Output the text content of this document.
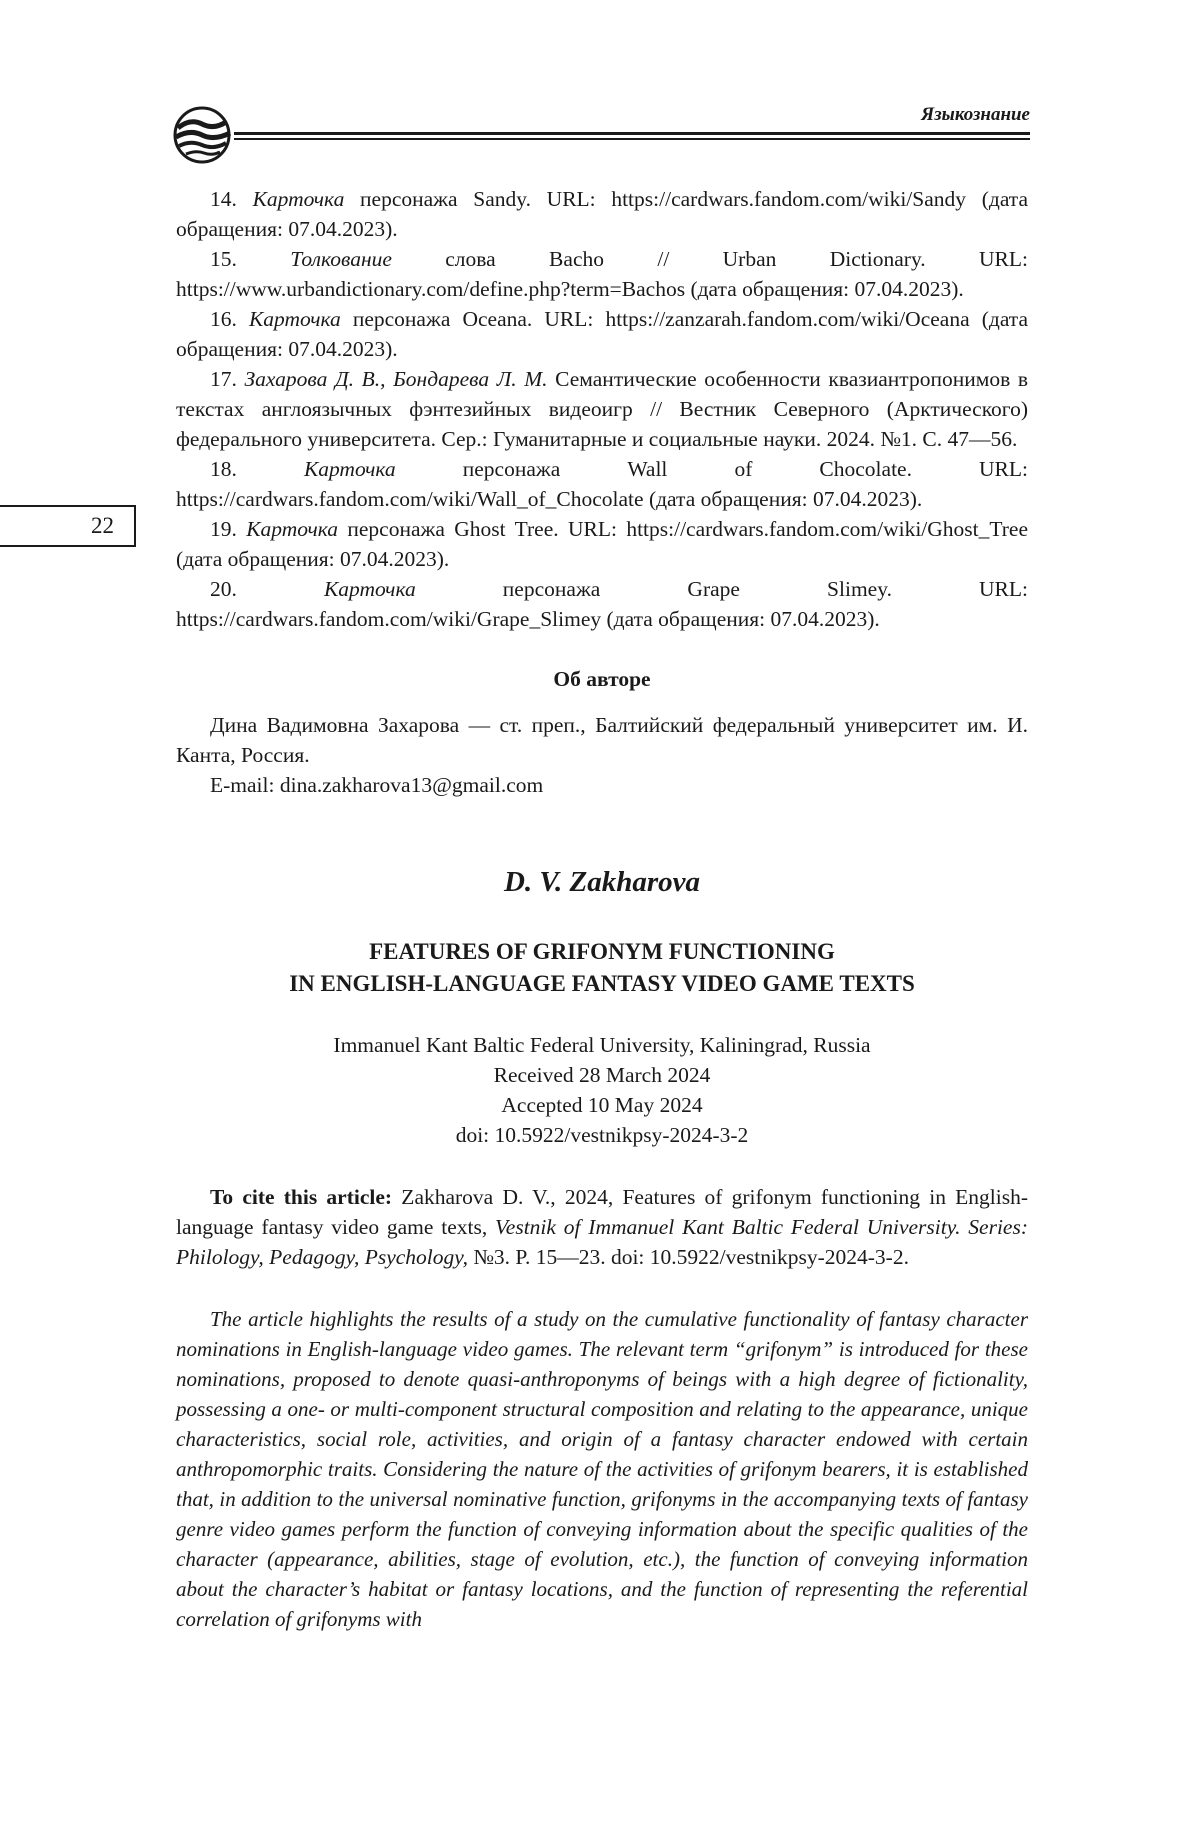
Языкознание
22

14. Карточка персонажа Sandy. URL: https://cardwars.fandom.com/wiki/Sandy (дата обращения: 07.04.2023).

15. Толкование слова Bacho // Urban Dictionary. URL: https://www.urbandictionary.com/define.php?term=Bachos (дата обращения: 07.04.2023).

16. Карточка персонажа Oceana. URL: https://zanzarah.fandom.com/wiki/Oceana (дата обращения: 07.04.2023).

17. Захарова Д. В., Бондарева Л. М. Семантические особенности квазиантропонимов в текстах англоязычных фэнтезийных видеоигр // Вестник Северного (Арктического) федерального университета. Сер.: Гуманитарные и социальные науки. 2024. №1. С. 47—56.

18.	Карточка персонажа Wall of Chocolate. URL: https://cardwars.fandom.com/wiki/Wall_of_Chocolate (дата обращения: 07.04.2023).

19. Карточка персонажа Ghost Tree. URL: https://cardwars.fandom.com/wiki/Ghost_Tree (дата обращения: 07.04.2023).

20.	Карточка персонажа Grape Slimey. URL: https://cardwars.fandom.com/wiki/Grape_Slimey (дата обращения: 07.04.2023).

Об авторе

Дина Вадимовна Захарова — ст. преп., Балтийский федеральный университет им. И. Канта, Россия.

E-mail: dina.zakharova13@gmail.com

D. V. Zakharova
FEATURES OF GRIFONYM FUNCTIONING
IN ENGLISH-LANGUAGE FANTASY VIDEO GAME TEXTS
Immanuel Kant Baltic Federal University, Kaliningrad, Russia
Received 28 March 2024
Accepted 10 May 2024
doi: 10.5922/vestnikpsy-2024-3-2

To cite this article: Zakharova D. V., 2024, Features of grifonym functioning in English-language fantasy video game texts, Vestnik of Immanuel Kant Baltic Federal University. Series: Philology, Pedagogy, Psychology, №3. P. 15—23. doi: 10.5922/vestnikpsy-2024-3-2.

The article highlights the results of a study on the cumulative functionality of fantasy character nominations in English-language video games. The relevant term “grifonym” is introduced for these nominations, proposed to denote quasi-anthroponyms of beings with a high degree of fictionality, possessing a one- or multi-component structural composition and relating to the appearance, unique characteristics, social role, activities, and origin of a fantasy character endowed with certain anthropomorphic traits. Considering the nature of the activities of grifonym bearers, it is established that, in addition to the universal nominative function, grifonyms in the accompanying texts of fantasy genre video games perform the function of conveying information about the specific qualities of the character (appearance, abilities, stage of evolution, etc.), the function of conveying information about the character’s habitat or fantasy locations, and the function of representing the referential correlation of grifonyms with
